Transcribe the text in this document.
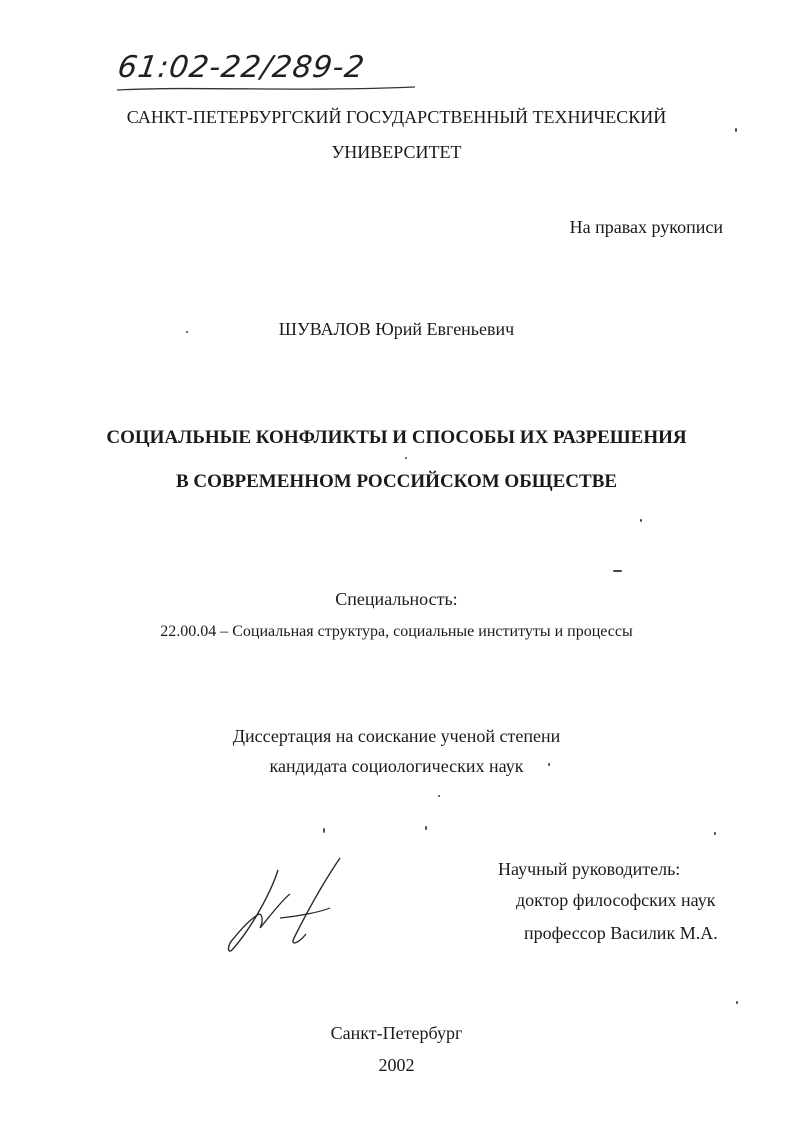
61:02-22/289-2
САНКТ-ПЕТЕРБУРГСКИЙ ГОСУДАРСТВЕННЫЙ ТЕХНИЧЕСКИЙ
УНИВЕРСИТЕТ
На правах рукописи
ШУВАЛОВ Юрий Евгеньевич
СОЦИАЛЬНЫЕ КОНФЛИКТЫ И СПОСОБЫ ИХ РАЗРЕШЕНИЯ
В СОВРЕМЕННОМ РОССИЙСКОМ ОБЩЕСТВЕ
Специальность:
22.00.04 – Социальная структура, социальные институты и процессы
Диссертация на соискание ученой степени
кандидата социологических наук
Научный руководитель:
доктор философских наук
профессор Василик М.А.
Санкт-Петербург
2002
